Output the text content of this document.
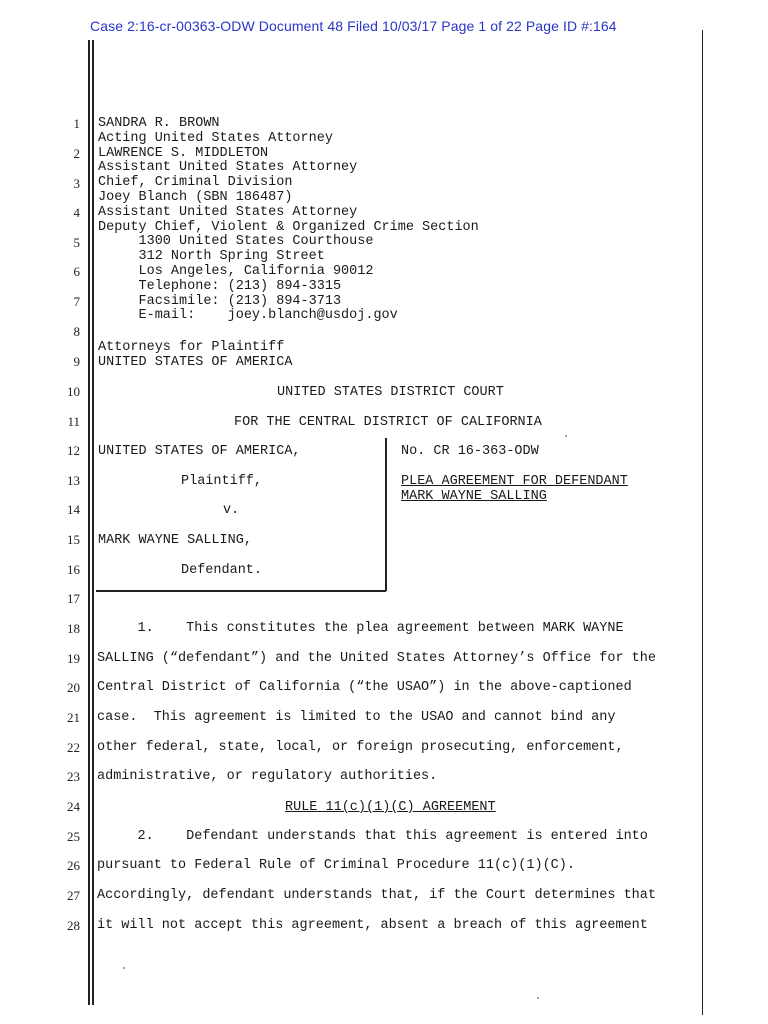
Case 2:16-cr-00363-ODW Document 48 Filed 10/03/17 Page 1 of 22 Page ID #:164
1
2
3
4
5
6
7
8
9
10
11
12
13
14
15
16
17
18
19
20
21
22
23
24
25
26
27
28
SANDRA R. BROWN
Acting United States Attorney
LAWRENCE S. MIDDLETON
Assistant United States Attorney
Chief, Criminal Division
Joey Blanch (SBN 186487)
Assistant United States Attorney
Deputy Chief, Violent & Organized Crime Section
1300 United States Courthouse
312 North Spring Street
Los Angeles, California 90012
Telephone: (213) 894-3315
Facsimile: (213) 894-3713
E-mail:    joey.blanch@usdoj.gov
Attorneys for Plaintiff
UNITED STATES OF AMERICA
UNITED STATES DISTRICT COURT
FOR THE CENTRAL DISTRICT OF CALIFORNIA
UNITED STATES OF AMERICA,
Plaintiff,
v.
MARK WAYNE SALLING,
Defendant.
No. CR 16-363-ODW
PLEA AGREEMENT FOR DEFENDANT
MARK WAYNE SALLING
1.    This constitutes the plea agreement between MARK WAYNE
SALLING (“defendant”) and the United States Attorney’s Office for the
Central District of California (“the USAO”) in the above-captioned
case.  This agreement is limited to the USAO and cannot bind any
other federal, state, local, or foreign prosecuting, enforcement,
administrative, or regulatory authorities.
RULE 11(c)(1)(C) AGREEMENT
2.    Defendant understands that this agreement is entered into
pursuant to Federal Rule of Criminal Procedure 11(c)(1)(C).
Accordingly, defendant understands that, if the Court determines that
it will not accept this agreement, absent a breach of this agreement
